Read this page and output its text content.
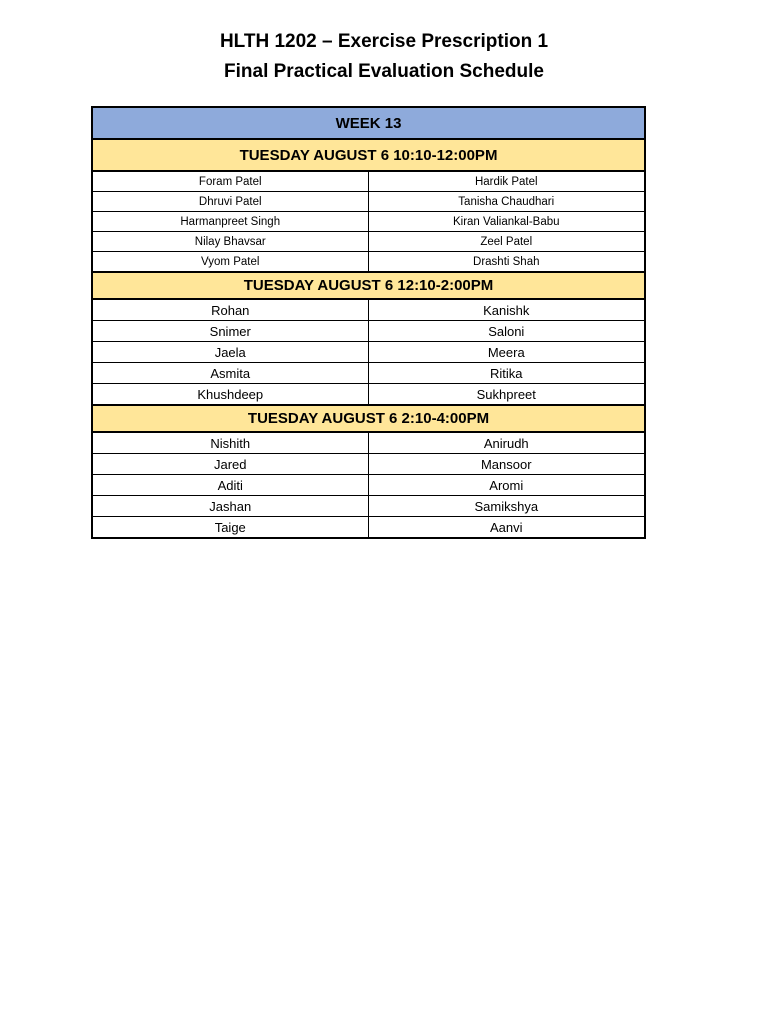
HLTH 1202 – Exercise Prescription 1
Final Practical Evaluation Schedule
WEEK 13	
TUESDAY AUGUST 6 10:10-12:00PM	
Foram Patel	Hardik Patel
Dhruvi Patel	Tanisha Chaudhari
Harmanpreet Singh	Kiran Valiankal-Babu
Nilay Bhavsar	Zeel Patel
Vyom Patel	Drashti Shah
TUESDAY AUGUST 6 12:10-2:00PM	
Rohan	Kanishk
Snimer	Saloni
Jaela	Meera
Asmita	Ritika
Khushdeep	Sukhpreet
TUESDAY AUGUST 6 2:10-4:00PM	
Nishith	Anirudh
Jared	Mansoor
Aditi	Aromi
Jashan	Samikshya
Taige	Aanvi
